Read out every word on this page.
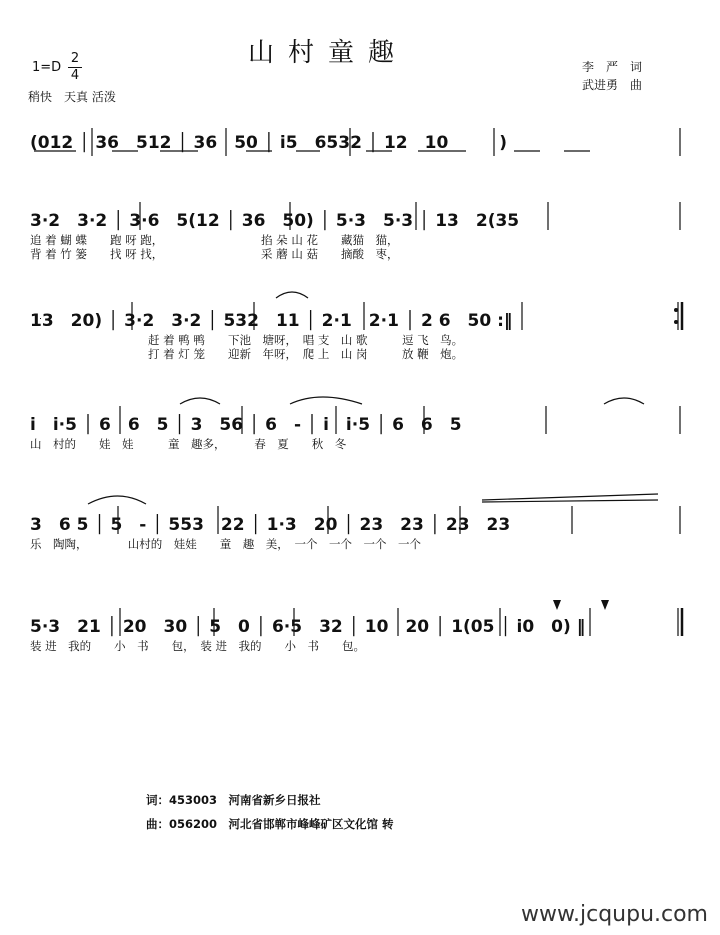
山村童趣
1=D
2
4
稍快　天真 活泼
李　严　词
武进勇　曲
(012 │ 36　512 │ 36　50 │ i5　6532 │ 12　10　　　)
3·2　3·2 │ 3·6　5(12 │ 36　50) │ 5·3　5·3 │ 13　2(35
追 着 蝴 蝶　　跑 呀 跑，　　　　　　　　　掐 朵 山 花　　藏猫　猫，
背 着 竹 篓　　找 呀 找，　　　　　　　　　采 蘑 山 菇　　摘酸　枣，
13　20) │ 3·2　3·2 │ 532　11 │ 2·1　2·1 │ 2 6　50 :‖
赶 着 鸭 鸭　　下池　塘呀，　唱 支　山 歌　　　逗 飞　鸟。
打 着 灯 笼　　迎新　年呀，　爬 上　山 岗　　　放 鞭　炮。
i　i·5 │ 6　6　5 │ 3　56 │ 6　- │ i　i·5 │ 6　6　5
山　村的　　娃　娃　　　童　趣多，　　　春　夏　　秋　冬
3　6 5 │ 5　- │ 553　22 │ 1·3　20 │ 23　23 │ 23　23
乐　陶陶，　　　　山村的　娃娃　　童　趣　美，　一个　一个　一个　一个
5·3　21 │ 20　30 │ 5　0 │ 6·5　32 │ 10　20 │ 1(05 │ i0　0) ‖
装 进　我的　　小　书　　包，　装 进　我的　　小　书　　包。
词：453003　河南省新乡日报社
曲：056200　河北省邯郸市峰峰矿区文化馆 转
www.jcqupu.com
